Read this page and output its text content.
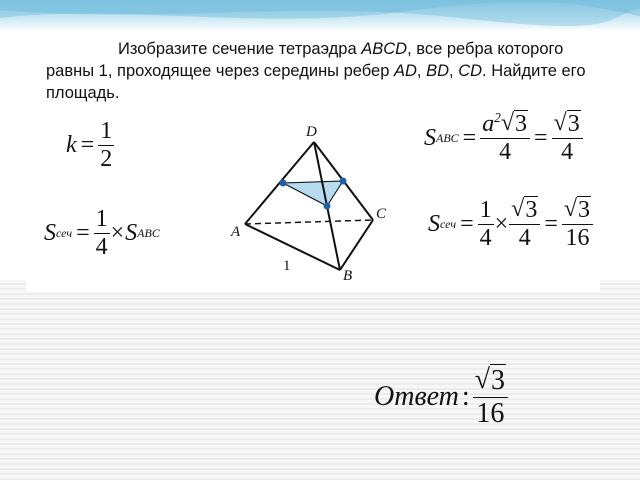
Изобразите сечение тетраэдра ABCD, все ребра которого равны 1, проходящее через середины ребер AD, BD, CD. Найдите его площадь.
$k = \frac{1}{2}$
S сеч = $\frac{1}{4} \times S$ ABC
S ABC = $\frac{a 2 √ 3}{4} = \frac{√ 3}{4}$
S сеч = $\frac{1}{4} \times \frac{√ 3}{4} = \frac{√ 3}{16}$
D
A
C
B
1
Ответ : $\frac{√ 3}{16}$
